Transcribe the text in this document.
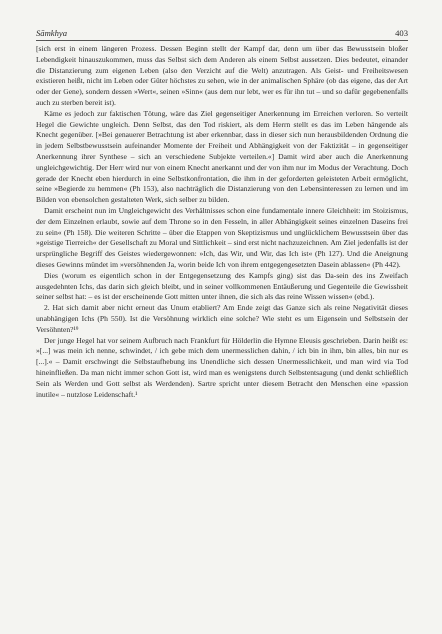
Sāmkhya	403

[sich erst in einem längeren Prozess. Dessen Beginn stellt der Kampf dar, denn um über das Bewusstsein bloßer Lebendigkeit hinauszukommen, muss das Selbst sich dem Anderen als einem Selbst aussetzen. Dies bedeutet, einander die Distanzierung zum eigenen Leben (also den Verzicht auf die Welt) anzutragen. Als Geist- und Freiheitswesen existieren heißt, nicht im Leben oder Güter höchstes zu sehen, wie in der animalischen Sphäre (ob das eigene, das der Art oder der Gene), sondern dessen »Wert«, seinen »Sinn« (aus dem nur lebt, wer es für ihn tut – und so dafür gegebenenfalls auch zu sterben bereit ist).

Käme es jedoch zur faktischen Tötung, wäre das Ziel gegenseitiger Anerkennung im Erreichen verloren. So verteilt Hegel die Gewichte ungleich. Denn Selbst, das den Tod riskiert, als dem Herrn stellt es das im Leben hängende als Knecht gegenüber. [»Bei genauerer Betrachtung ist aber erkennbar, dass in dieser sich nun herausbildenden Ordnung die in jedem Selbstbewusstsein aufeinander Momente der Freiheit und Abhängigkeit von der Faktizität – in gegenseitiger Anerkennung ihrer Synthese – sich an verschiedene Subjekte verteilen.«] Damit wird aber auch die Anerkennung ungleichgewichtig. Der Herr wird nur von einem Knecht anerkannt und der von ihm nur im Modus der Verachtung. Doch gerade der Knecht eben hierdurch in eine Selbstkonfrontation, die ihm in der geforderten geleisteten Arbeit ermöglicht, seine »Begierde zu hemmen« (Ph 153), also nachträglich die Distanzierung von den Lebensinteressen zu lernen und im Bilden von ebensolchen gestalteten Werk, sich selber zu bilden.

Damit erscheint nun im Ungleichgewicht des Verhältnisses schon eine fundamentale innere Gleichheit: im Stoizismus, der dem Einzelnen erlaubt, sowie auf dem Throne so in den Fesseln, in aller Abhängigkeit seines einzelnen Daseins frei zu sein« (Ph 158). Die weiteren Schritte – über die Etappen von Skeptizismus und unglücklichem Bewusstsein über das »geistige Tierreich« der Gesellschaft zu Moral und Sittlichkeit – sind erst nicht nachzuzeichnen. Am Ziel jedenfalls ist der ursprüngliche Begriff des Geistes wiedergewonnen: »Ich, das Wir, und Wir, das Ich ist« (Ph 127). Und die Aneignung dieses Gewinns mündet im »versöhnenden Ja, worin beide Ich von ihrem entgegengesetzten Dasein ablassen« (Ph 442).

Dies (worum es eigentlich schon in der Entgegensetzung des Kampfs ging) sist das Da-sein des ins Zweifach ausgedehnten Ichs, das darin sich gleich bleibt, und in seiner vollkommenen Entäußerung und Gegenteile die Gewissheit seiner selbst hat: – es ist der erscheinende Gott mitten unter ihnen, die sich als das reine Wissen wissen« (ebd.).

2. Hat sich damit aber nicht erneut das Unum etabliert? Am Ende zeigt das Ganze sich als reine Negativität dieses unabhängigen Ichs (Ph 550). Ist die Versöhnung wirklich eine solche? Wie steht es um Eigensein und Selbstsein der Versöhnten?¹⁹

Der junge Hegel hat vor seinem Aufbruch nach Frankfurt für Hölderlin die Hymne Eleusis geschrieben. Darin heißt es: »[...] was mein ich nenne, schwindet, / ich gebe mich dem unermesslichen dahin, / ich bin in ihm, bin alles, bin nur es [...].« – Damit erschwingt die Selbstaufhebung ins Unendliche sich dessen Unermesslichkeit, und man wird via Tod hineinfließen. Da man nicht immer schon Gott ist, wird man es wenigstens durch Selbstentsagung (und denkt schließlich Sein als Werden und Gott selbst als Werdenden). Sartre spricht unter diesem Betracht den Menschen eine »passion inutile« – nutzlose Leidenschaft.¹
